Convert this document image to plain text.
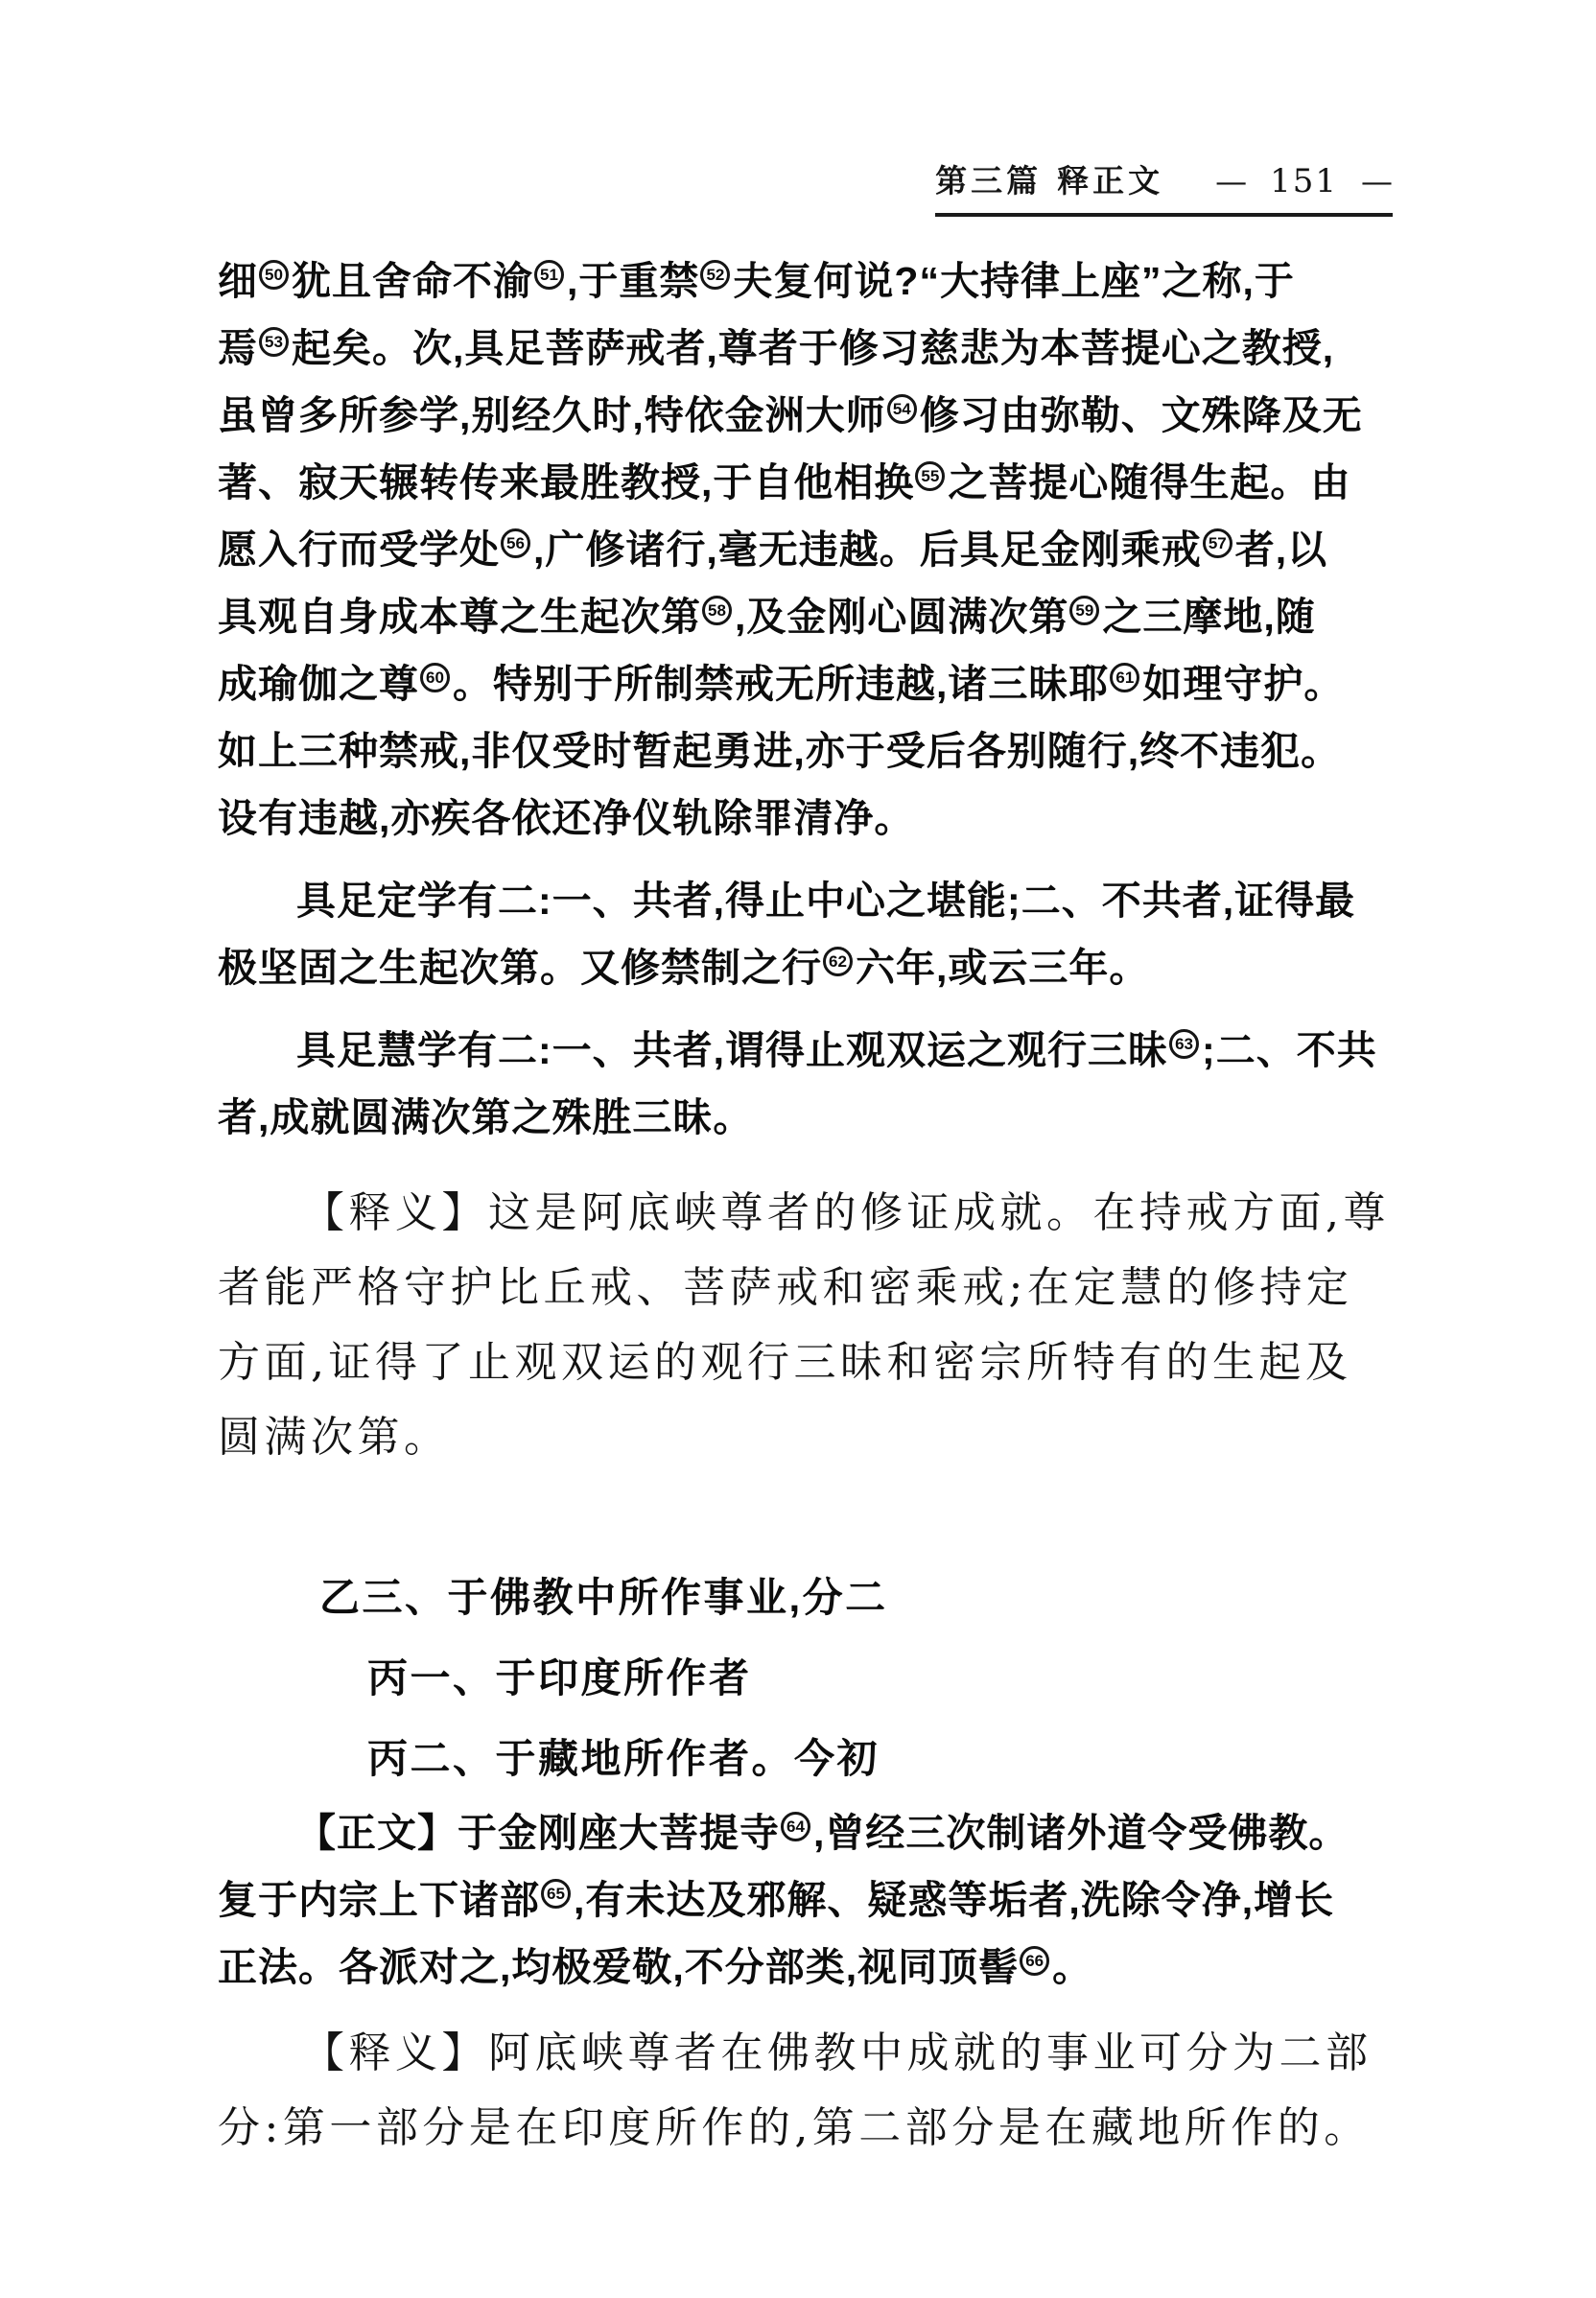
第三篇 释正文 — 151 —
细 50 犹且舍命不渝 51 ,于重禁 52 夫复何说?“大持律上座”之称,于
焉 53 起矣。次,具足菩萨戒者,尊者于修习慈悲为本菩提心之教授,
虽曾多所参学,别经久时,特依金洲大师 54 修习由弥勒、文殊降及无
著、寂天辗转传来最胜教授,于自他相换 55 之菩提心随得生起。由
愿入行而受学处 56 ,广修诸行,毫无违越。后具足金刚乘戒 57 者,以
具观自身成本尊之生起次第 58 ,及金刚心圆满次第 59 之三摩地,随
成瑜伽之尊 60 。特别于所制禁戒无所违越,诸三昧耶 61 如理守护。
如上三种禁戒,非仅受时暂起勇进,亦于受后各别随行,终不违犯。
设有违越,亦疾各依还净仪轨除罪清净。
具足定学有二:一、共者,得止中心之堪能;二、不共者,证得最
极坚固之生起次第。又修禁制之行 62 六年,或云三年。
具足慧学有二:一、共者,谓得止观双运之观行三昧 63 ;二、不共
者,成就圆满次第之殊胜三昧。
【释义】这是阿底峡尊者的修证成就。在持戒方面,尊
者能严格守护比丘戒、菩萨戒和密乘戒;在定慧的修持定
方面,证得了止观双运的观行三昧和密宗所特有的生起及
圆满次第。
乙三、于佛教中所作事业,分二
丙一、于印度所作者
丙二、于藏地所作者。今初
【正文】于金刚座大菩提寺 64 ,曾经三次制诸外道令受佛教。
复于内宗上下诸部 65 ,有未达及邪解、疑惑等垢者,洗除令净,增长
正法。各派对之,均极爱敬,不分部类,视同顶髻 66 。
【释义】阿底峡尊者在佛教中成就的事业可分为二部
分:第一部分是在印度所作的,第二部分是在藏地所作的。
